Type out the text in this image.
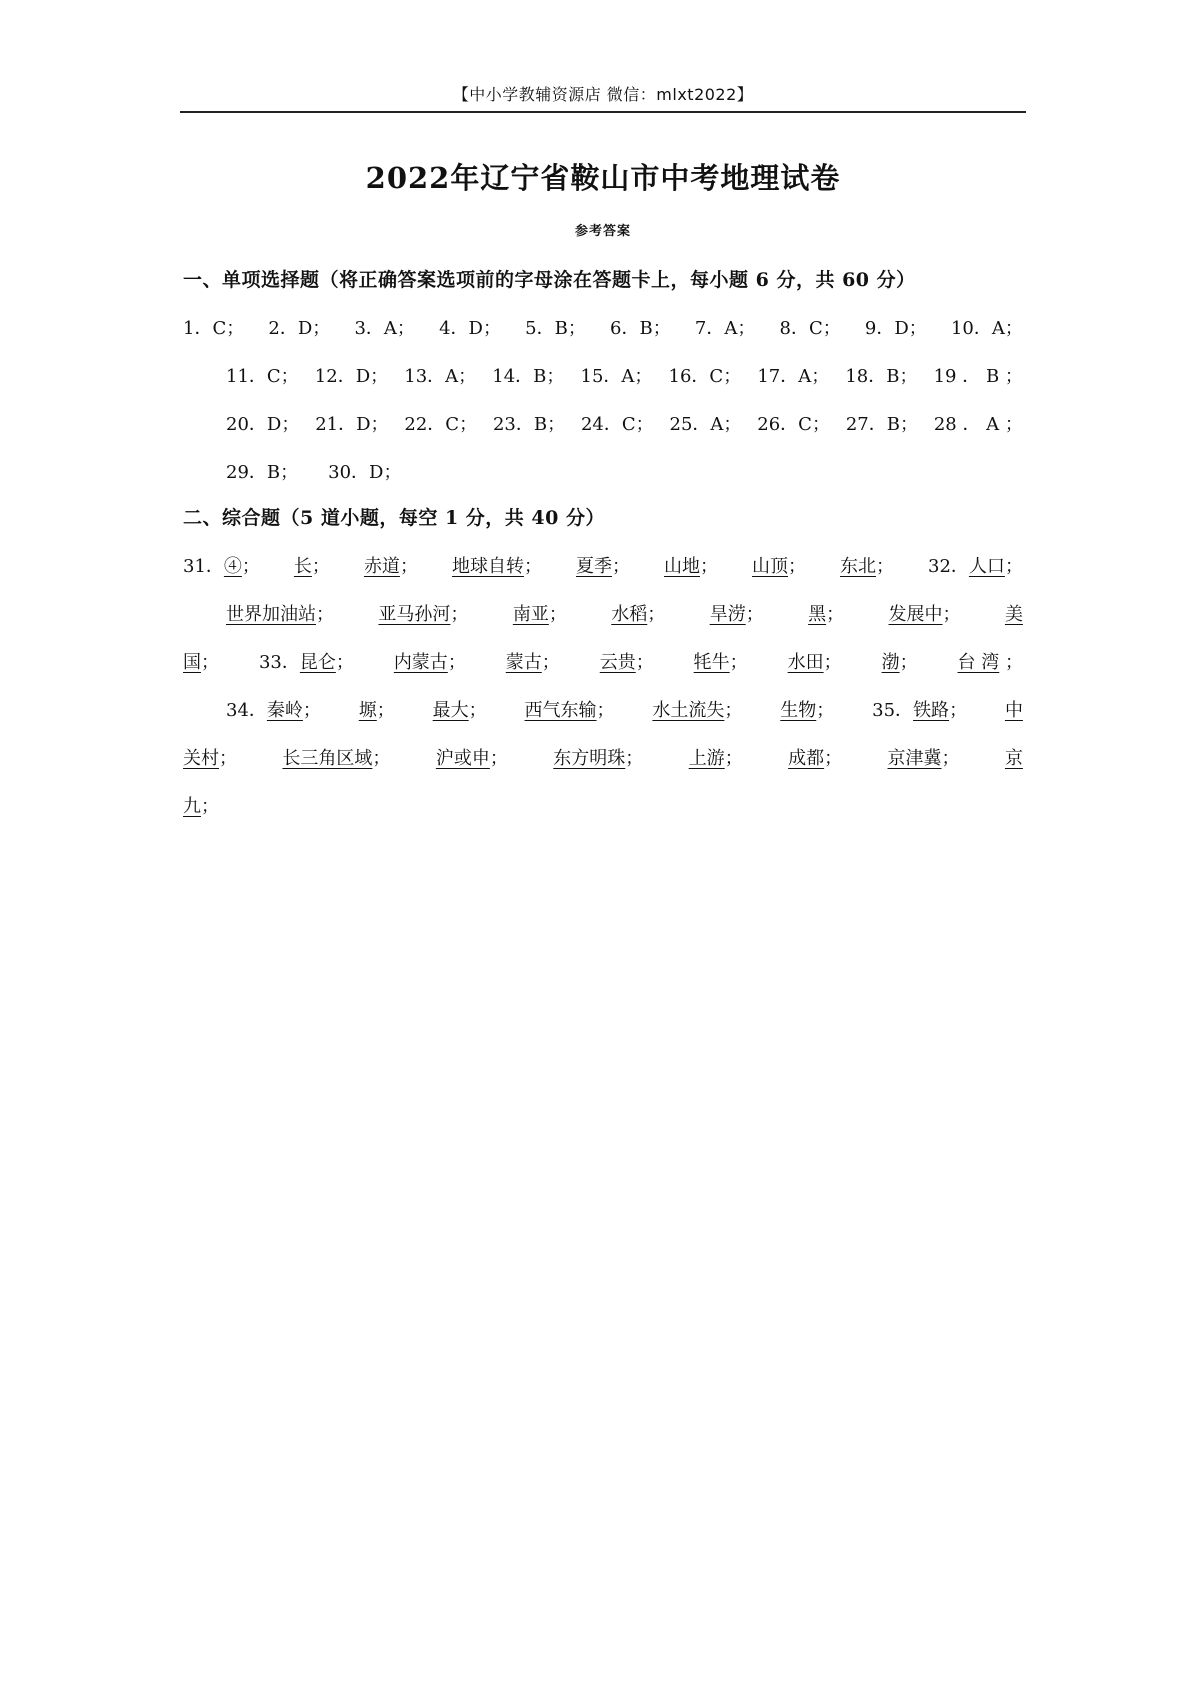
【中小学教辅资源店 微信：mlxt2022】
2022年辽宁省鞍山市中考地理试卷
参考答案
一、单项选择题（将正确答案选项前的字母涂在答题卡上，每小题 6 分，共 60 分）
1．C； 2．D； 3．A； 4．D； 5．B； 6．B； 7．A； 8．C； 9．D； 10．A；
11．C； 12．D； 13．A； 14．B； 15．A； 16．C； 17．A； 18．B； 19 ． B ；
20．D； 21．D； 22．C； 23．B； 24．C； 25．A； 26．C； 27．B； 28 ． A ；
29．B； 30．D；
二、综合题（5 道小题，每空 1 分，共 40 分）
31．④； 长； 赤道； 地球自转； 夏季； 山地； 山顶； 东北； 32．人口；
世界加油站； 亚马孙河； 南亚； 水稻； 旱涝； 黑； 发展中； 美
国； 33．昆仑； 内蒙古； 蒙古； 云贵； 牦牛； 水田； 渤； 台 湾 ；
34．秦岭； 塬； 最大； 西气东输； 水土流失； 生物； 35．铁路； 中
关村；	长三角区域；	沪或申；	东方明珠；	上游；	成都；	京津冀；	京
九；
